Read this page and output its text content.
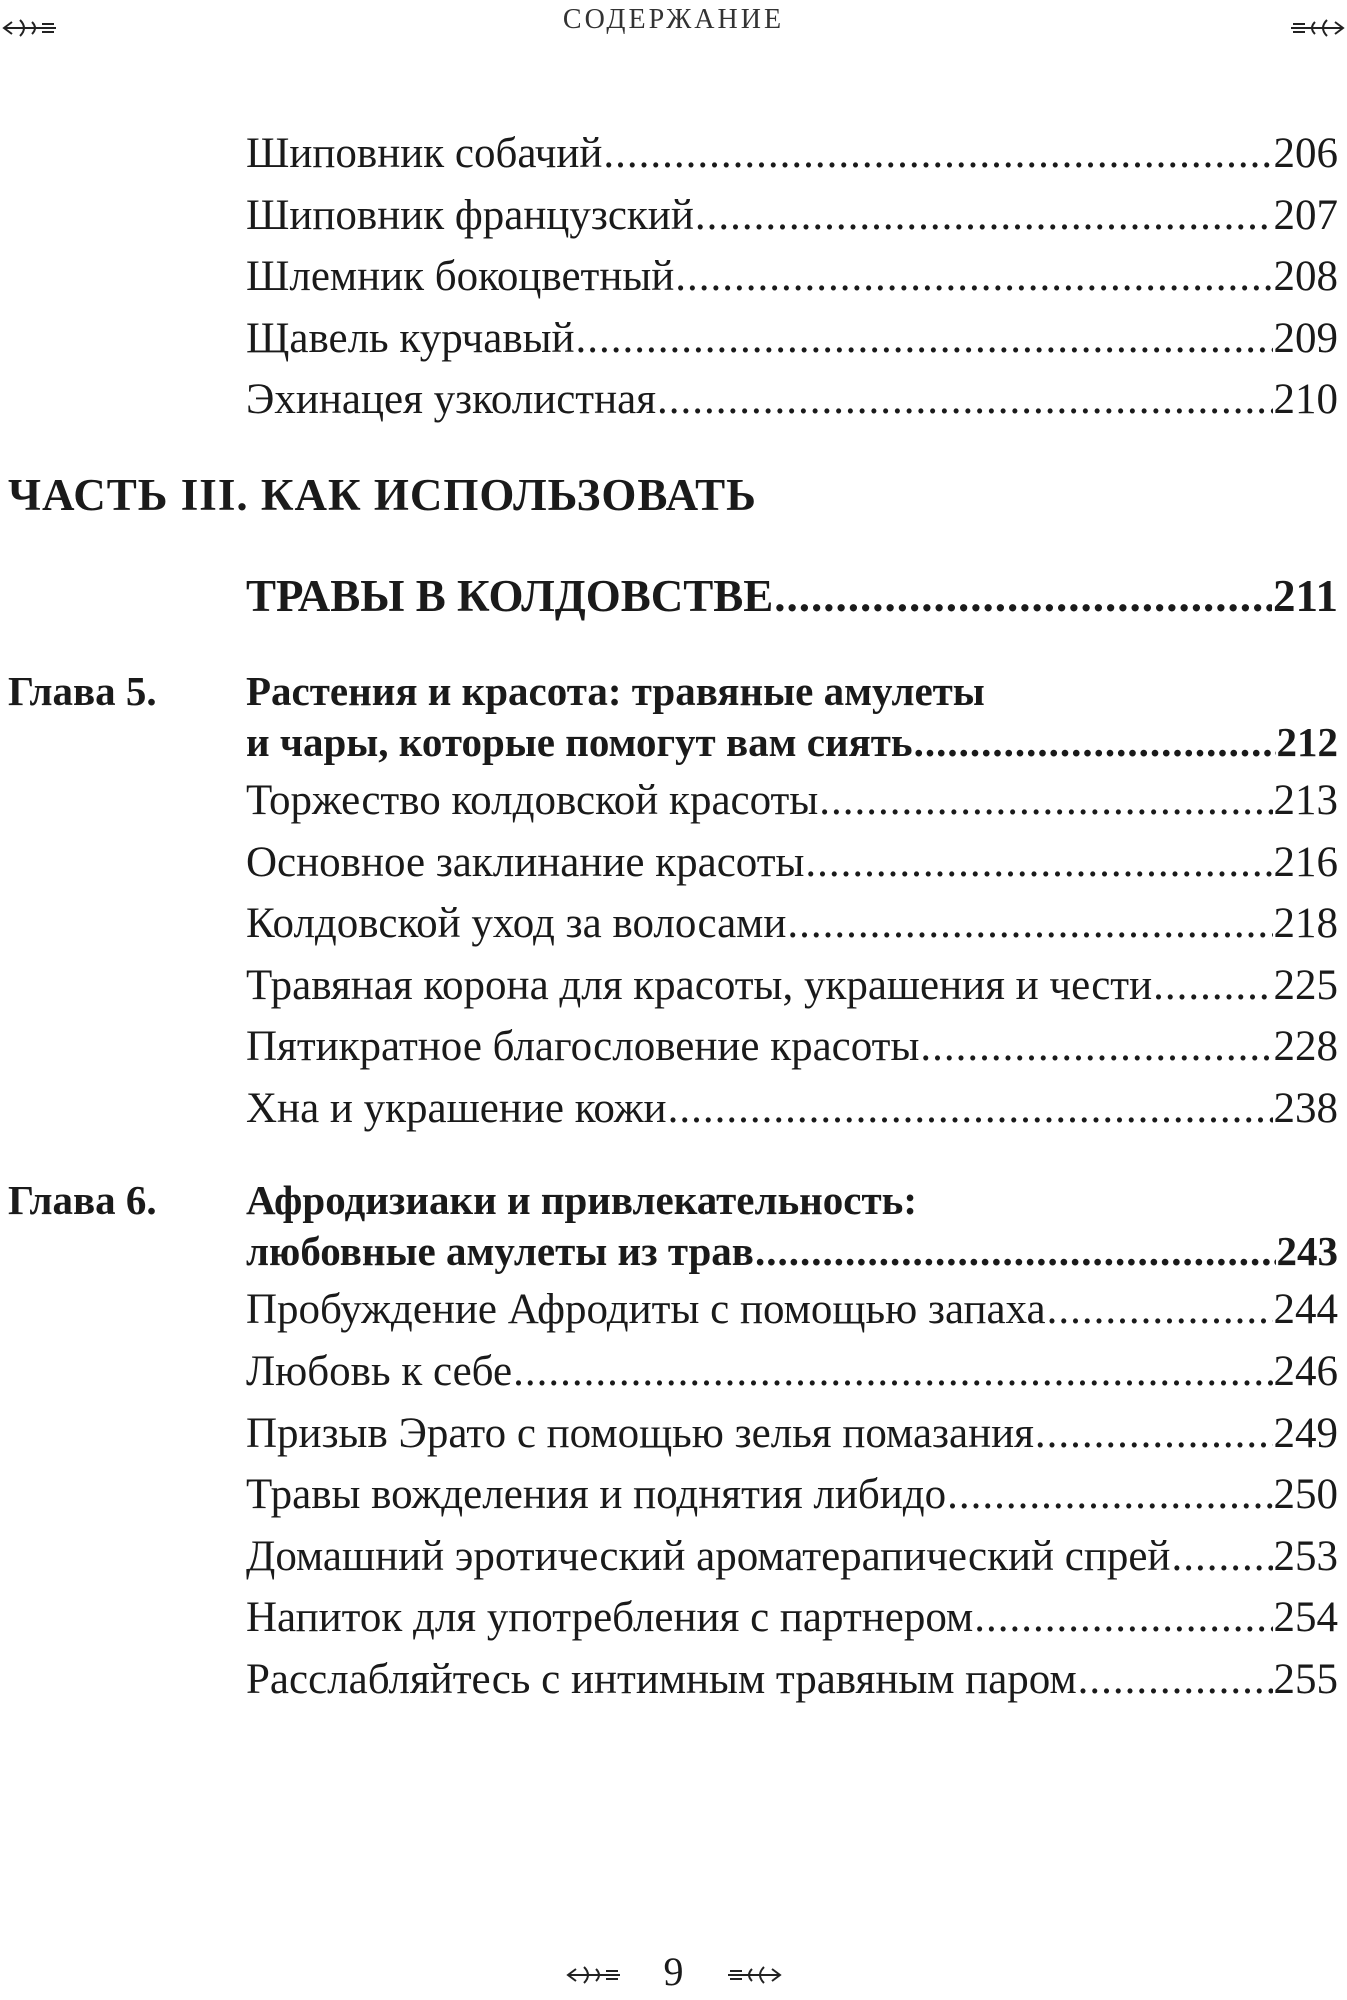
СОДЕРЖАНИЕ
Шиповник собачий .....	206
Шиповник французский .....	207
Шлемник бокоцветный .....	208
Щавель курчавый .....	209
Эхинацея узколистная .....	210
ЧАСТЬ III. КАК ИСПОЛЬЗОВАТЬ
ТРАВЫ В КОЛДОВСТВЕ .....	211
Глава 5. Растения и красота: травяные амулеты
и чары, которые помогут вам сиять .....	212
Торжество колдовской красоты .....	213
Основное заклинание красоты .....	216
Колдовской уход за волосами .....	218
Травяная корона для красоты, украшения и чести .....	225
Пятикратное благословение красоты .....	228
Хна и украшение кожи .....	238
Глава 6. Афродизиаки и привлекательность:
любовные амулеты из трав .....	243
Пробуждение Афродиты с помощью запаха .....	244
Любовь к себе .....	246
Призыв Эрато с помощью зелья помазания .....	249
Травы вожделения и поднятия либидо .....	250
Домашний эротический ароматерапический спрей ..... 253
Напиток для употребления с партнером .....	254
Расслабляйтесь с интимным травяным паром .....	255
9
